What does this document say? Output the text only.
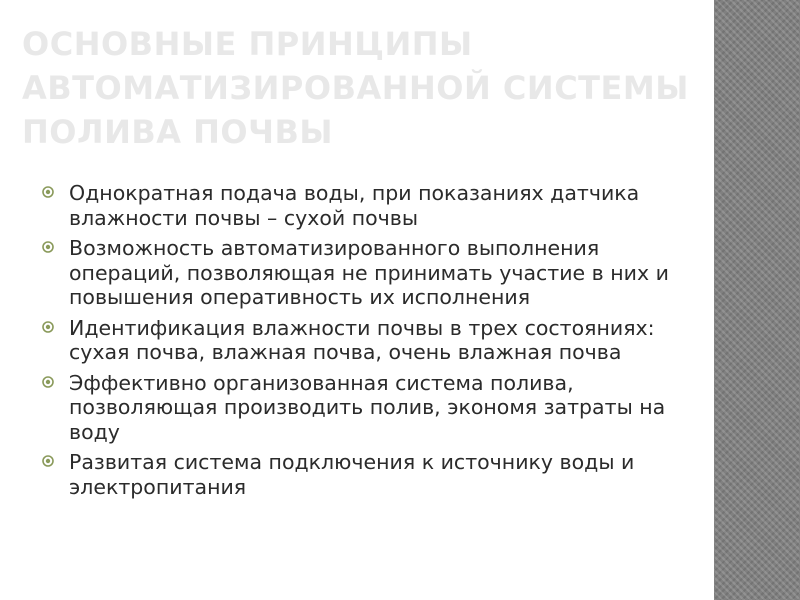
ОСНОВНЫЕ ПРИНЦИПЫ АВТОМАТИЗИРОВАННОЙ СИСТЕМЫ ПОЛИВА ПОЧВЫ
Однократная подача воды, при показаниях датчика влажности почвы – сухой почвы
Возможность автоматизированного выполнения операций, позволяющая не принимать участие в них и повышения оперативность их исполнения
Идентификация влажности почвы в трех состояниях: сухая почва, влажная почва, очень влажная почва
Эффективно организованная система полива, позволяющая производить полив, экономя затраты на воду
Развитая система подключения к источнику воды и электропитания
